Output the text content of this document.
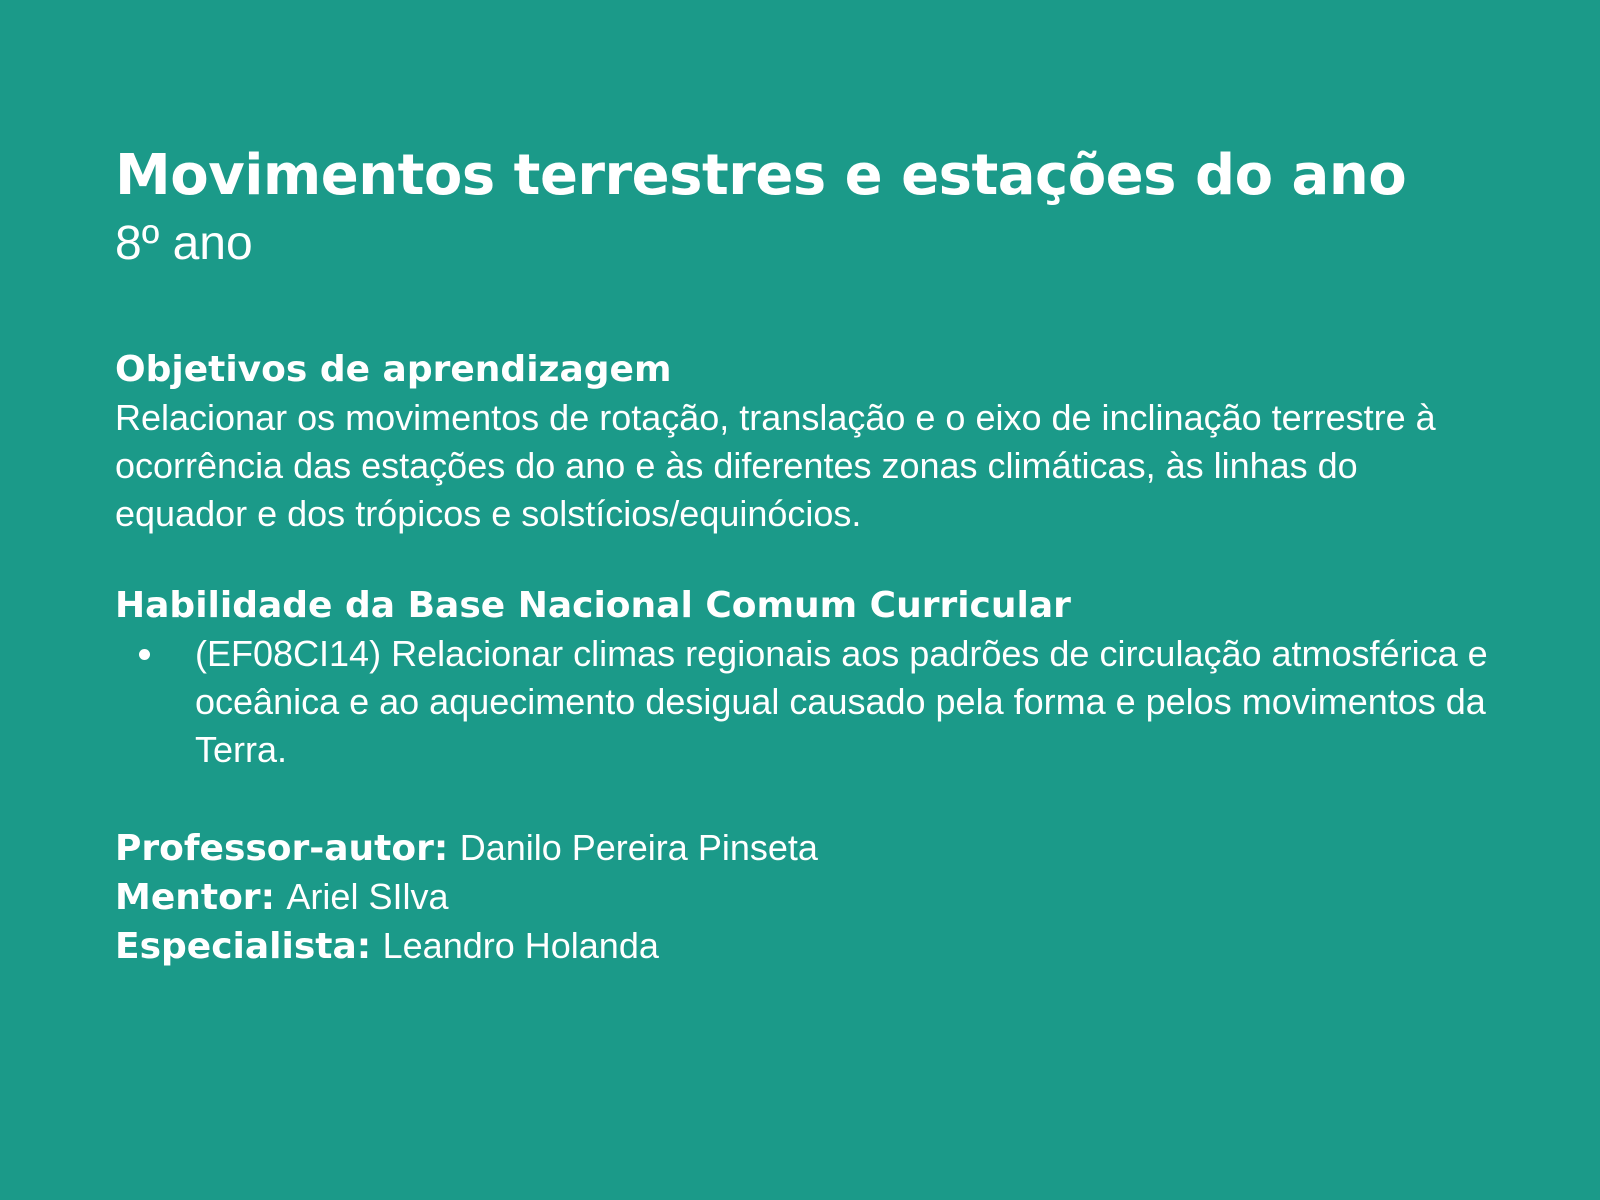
Movimentos terrestres e estações do ano

8º ano

Objetivos de aprendizagem

Relacionar os movimentos de rotação, translação e o eixo de inclinação terrestre à ocorrência das estações do ano e às diferentes zonas climáticas, às linhas do equador e dos trópicos e solstícios/equinócios.

Habilidade da Base Nacional Comum Curricular
(EF08CI14) Relacionar climas regionais aos padrões de circulação atmosférica e oceânica e ao aquecimento desigual causado pela forma e pelos movimentos da Terra.

Professor-autor: Danilo Pereira Pinseta

Mentor: Ariel SIlva

Especialista: Leandro Holanda
